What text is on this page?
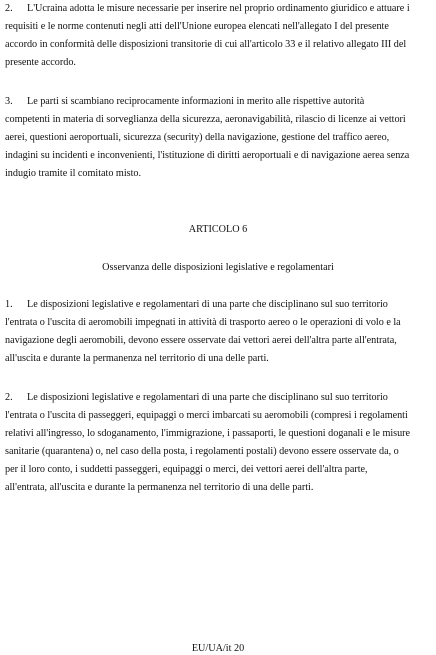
2. L'Ucraina adotta le misure necessarie per inserire nel proprio ordinamento giuridico e attuare i
requisiti e le norme contenuti negli atti dell'Unione europea elencati nell'allegato I del presente
accordo in conformità delle disposizioni transitorie di cui all'articolo 33 e il relativo allegato III del
presente accordo.
3. Le parti si scambiano reciprocamente informazioni in merito alle rispettive autorità
competenti in materia di sorveglianza della sicurezza, aeronavigabilità, rilascio di licenze ai vettori
aerei, questioni aeroportuali, sicurezza (security) della navigazione, gestione del traffico aereo,
indagini su incidenti e inconvenienti, l'istituzione di diritti aeroportuali e di navigazione aerea senza
indugio tramite il comitato misto.
ARTICOLO 6
Osservanza delle disposizioni legislative e regolamentari
1. Le disposizioni legislative e regolamentari di una parte che disciplinano sul suo territorio
l'entrata o l'uscita di aeromobili impegnati in attività di trasporto aereo o le operazioni di volo e la
navigazione degli aeromobili, devono essere osservate dai vettori aerei dell'altra parte all'entrata,
all'uscita e durante la permanenza nel territorio di una delle parti.
2. Le disposizioni legislative e regolamentari di una parte che disciplinano sul suo territorio
l'entrata o l'uscita di passeggeri, equipaggi o merci imbarcati su aeromobili (compresi i regolamenti
relativi all'ingresso, lo sdoganamento, l'immigrazione, i passaporti, le questioni doganali e le misure
sanitarie (quarantena) o, nel caso della posta, i regolamenti postali) devono essere osservate da, o
per il loro conto, i suddetti passeggeri, equipaggi o merci, dei vettori aerei dell'altra parte,
all'entrata, all'uscita e durante la permanenza nel territorio di una delle parti.
EU/UA/it 20
